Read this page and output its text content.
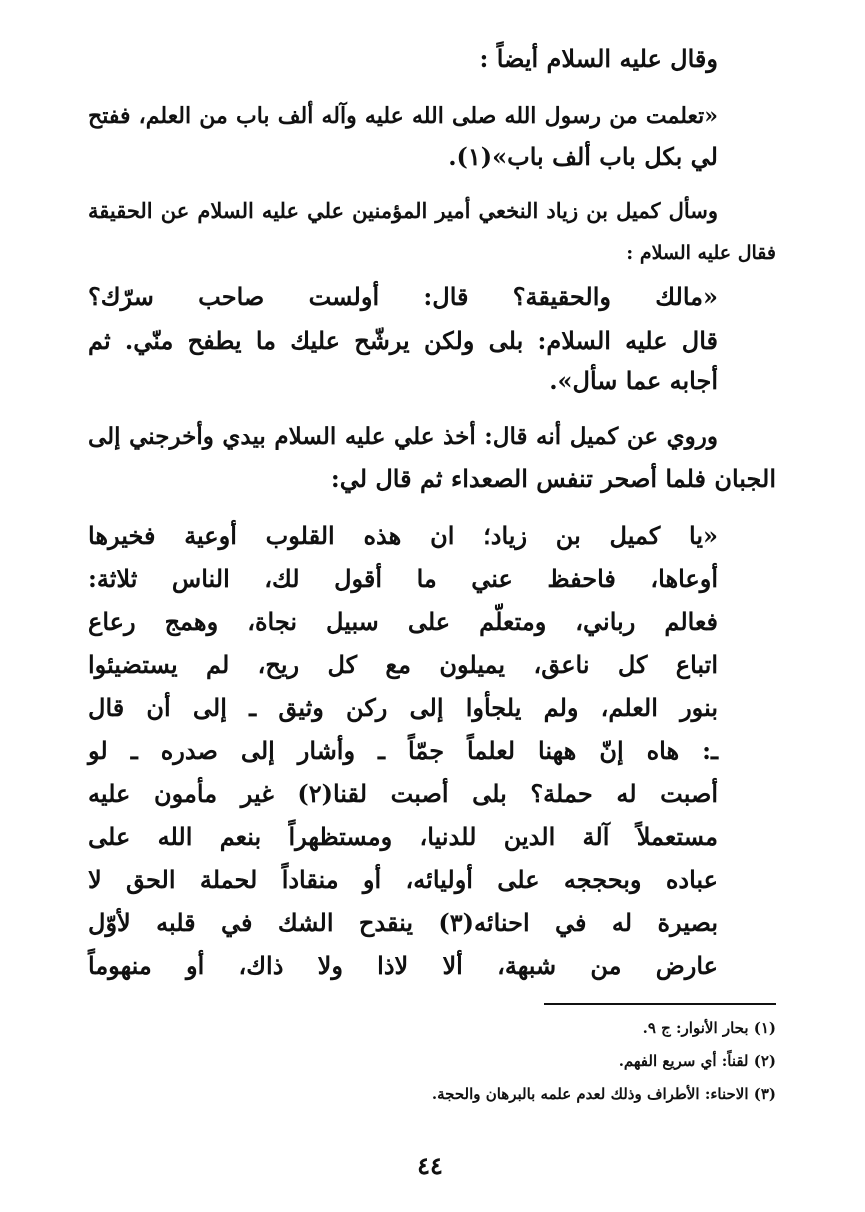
وقال عليه السلام أيضاً :
«تعلمت من رسول الله صلى الله عليه وآله ألف باب من العلم، ففتح
لي بكل باب ألف باب»(١).
وسأل كميل بن زياد النخعي أمير المؤمنين علي عليه السلام عن الحقيقة
فقال عليه السلام :
«مالك والحقيقة؟ قال: أولست صاحب سرّك؟
قال عليه السلام: بلى ولكن يرشّح عليك ما يطفح منّي. ثم
أجابه عما سأل».
وروي عن كميل أنه قال: أخذ علي عليه السلام بيدي وأخرجني إلى
الجبان فلما أصحر تنفس الصعداء ثم قال لي:
«يا كميل بن زياد؛ ان هذه القلوب أوعية فخيرها
أوعاها، فاحفظ عني ما أقول لك، الناس ثلاثة:
فعالم رباني، ومتعلّم على سبيل نجاة، وهمج رعاع
اتباع كل ناعق، يميلون مع كل ريح، لم يستضيئوا
بنور العلم، ولم يلجأوا إلى ركن وثيق ـ إلى أن قال
ـ: هاه إنّ ههنا لعلماً جمّاً ـ وأشار إلى صدره ـ لو
أصبت له حملة؟ بلى أصبت لقنا(٢) غير مأمون عليه
مستعملاً آلة الدين للدنيا، ومستظهراً بنعم الله على
عباده وبحججه على أوليائه، أو منقاداً لحملة الحق لا
بصيرة له في احنائه(٣) ينقدح الشك في قلبه لأوّل
عارض من شبهة، ألا لاذا ولا ذاك، أو منهوماً
(١) بحار الأنوار: ج ٩.
(٢) لقناً: أي سريع الفهم.
(٣) الاحناء: الأطراف وذلك لعدم علمه بالبرهان والحجة.
٤٤
